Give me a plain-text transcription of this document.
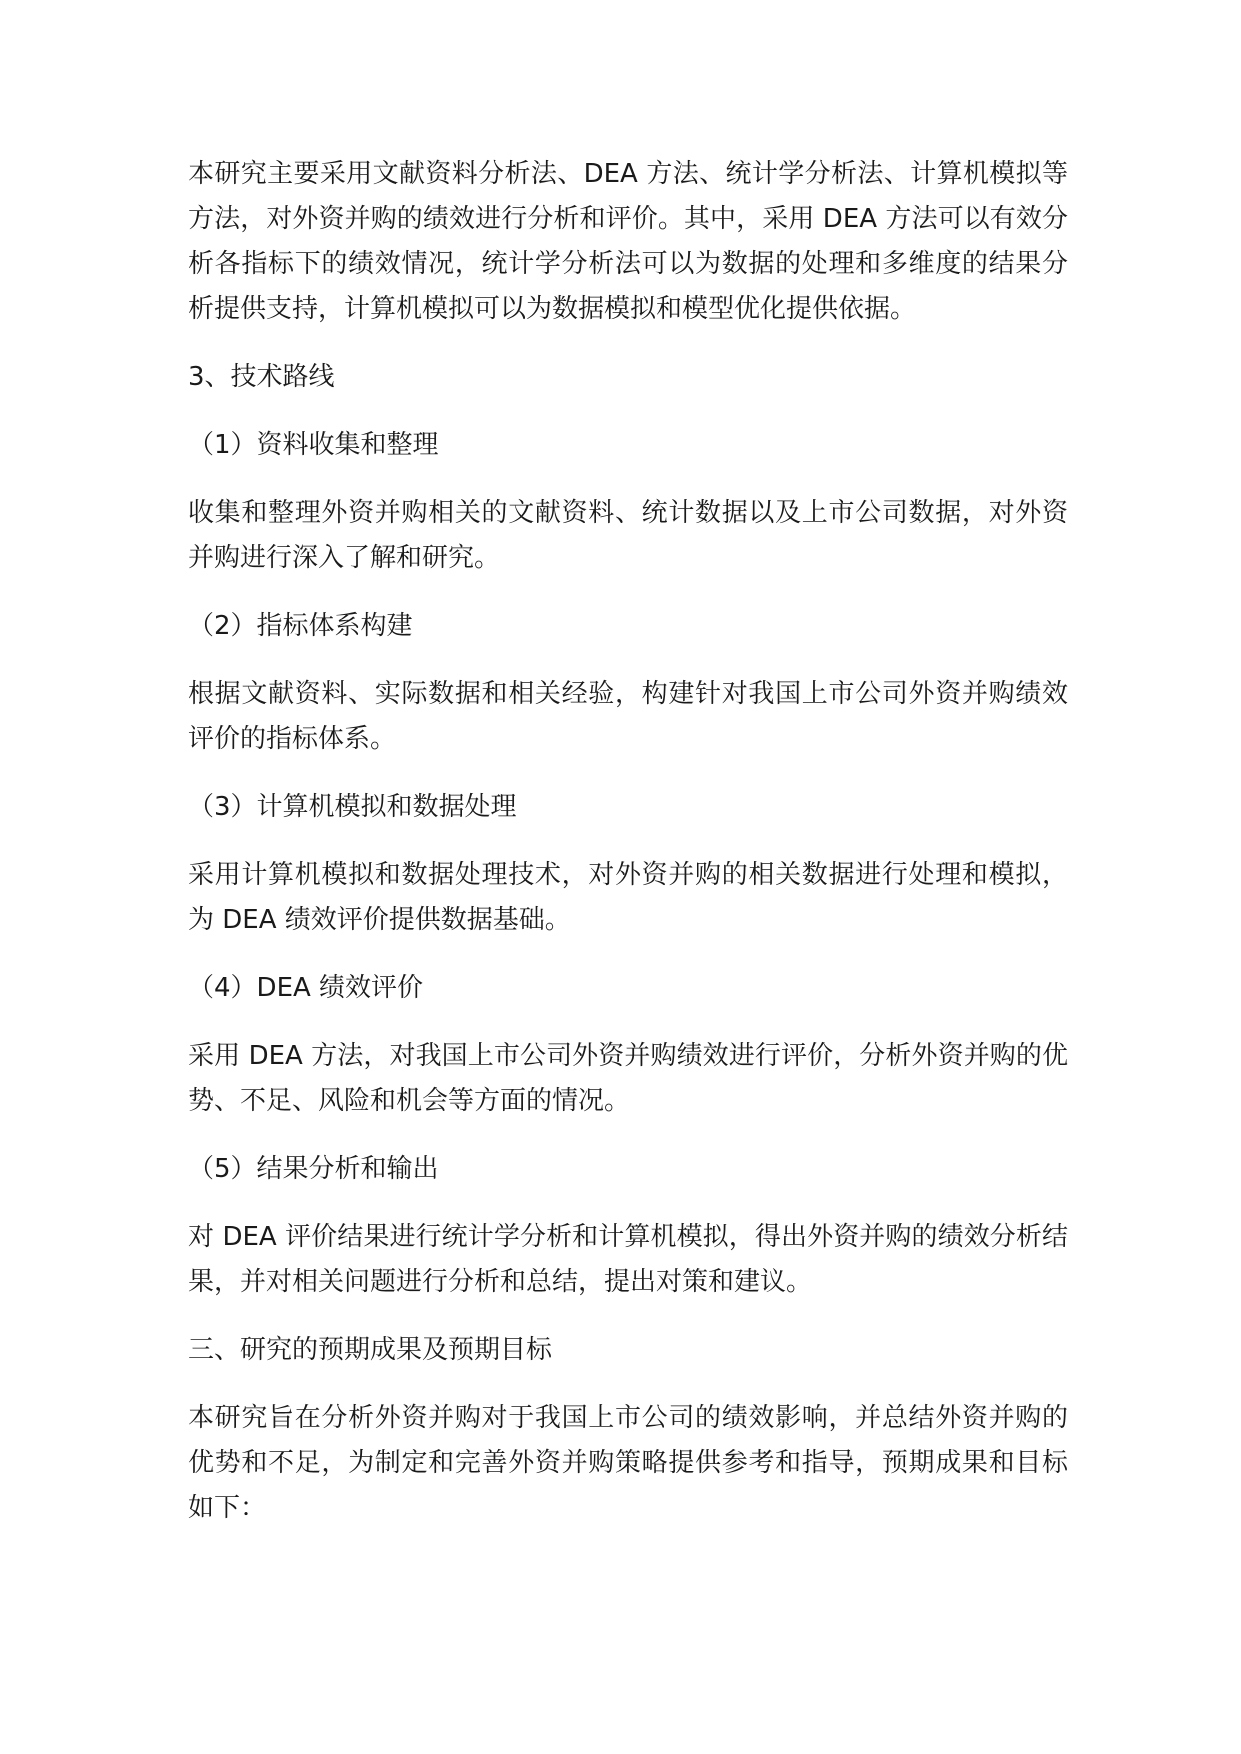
本研究主要采用文献资料分析法、DEA 方法、统计学分析法、计算机模拟等方法，对外资并购的绩效进行分析和评价。其中，采用 DEA 方法可以有效分析各指标下的绩效情况，统计学分析法可以为数据的处理和多维度的结果分析提供支持，计算机模拟可以为数据模拟和模型优化提供依据。

3、技术路线

（1）资料收集和整理

收集和整理外资并购相关的文献资料、统计数据以及上市公司数据，对外资并购进行深入了解和研究。

（2）指标体系构建

根据文献资料、实际数据和相关经验，构建针对我国上市公司外资并购绩效评价的指标体系。

（3）计算机模拟和数据处理

采用计算机模拟和数据处理技术，对外资并购的相关数据进行处理和模拟，为 DEA 绩效评价提供数据基础。

（4）DEA 绩效评价

采用 DEA 方法，对我国上市公司外资并购绩效进行评价，分析外资并购的优势、不足、风险和机会等方面的情况。

（5）结果分析和输出

对 DEA 评价结果进行统计学分析和计算机模拟，得出外资并购的绩效分析结果，并对相关问题进行分析和总结，提出对策和建议。

三、研究的预期成果及预期目标

本研究旨在分析外资并购对于我国上市公司的绩效影响，并总结外资并购的优势和不足，为制定和完善外资并购策略提供参考和指导，预期成果和目标如下：
